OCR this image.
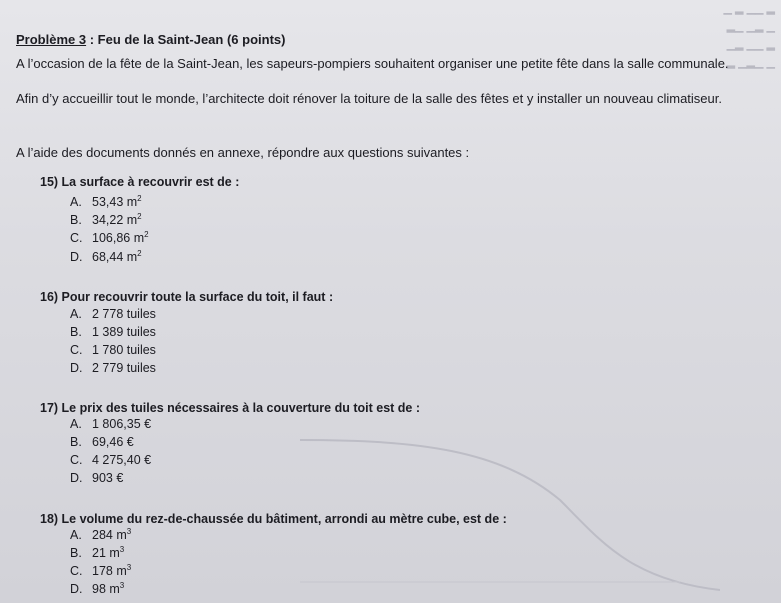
▁ ▂ ▁▁ ▂
▂▁ ▁▂ ▁
▁▂ ▁▁ ▂
▂ ▁▂▁ ▁
Problème 3 : Feu de la Saint-Jean (6 points)
A l’occasion de la fête de la Saint-Jean, les sapeurs-pompiers souhaitent organiser une petite fête dans la salle communale.
Afin d’y accueillir tout le monde, l’architecte doit rénover la toiture de la salle des fêtes et y installer un nouveau climatiseur.
A l’aide des documents donnés en annexe, répondre aux questions suivantes :
15) La surface à recouvrir est de :
A. 53,43 $m^2$
B. 34,22 $m^2$
C. 106,86 $m^2$
D. 68,44 $m^2$
16) Pour recouvrir toute la surface du toit, il faut :
A. 2 778 tuiles
B. 1 389 tuiles
C. 1 780 tuiles
D. 2 779 tuiles
17) Le prix des tuiles nécessaires à la couverture du toit est de :
A. 1 806,35 €
B. 69,46 €
C. 4 275,40 €
D. 903 €
18) Le volume du rez-de-chaussée du bâtiment, arrondi au mètre cube, est de :
A. 284 $m^3$
B. 21 $m^3$
C. 178 $m^3$
D. 98 $m^3$
